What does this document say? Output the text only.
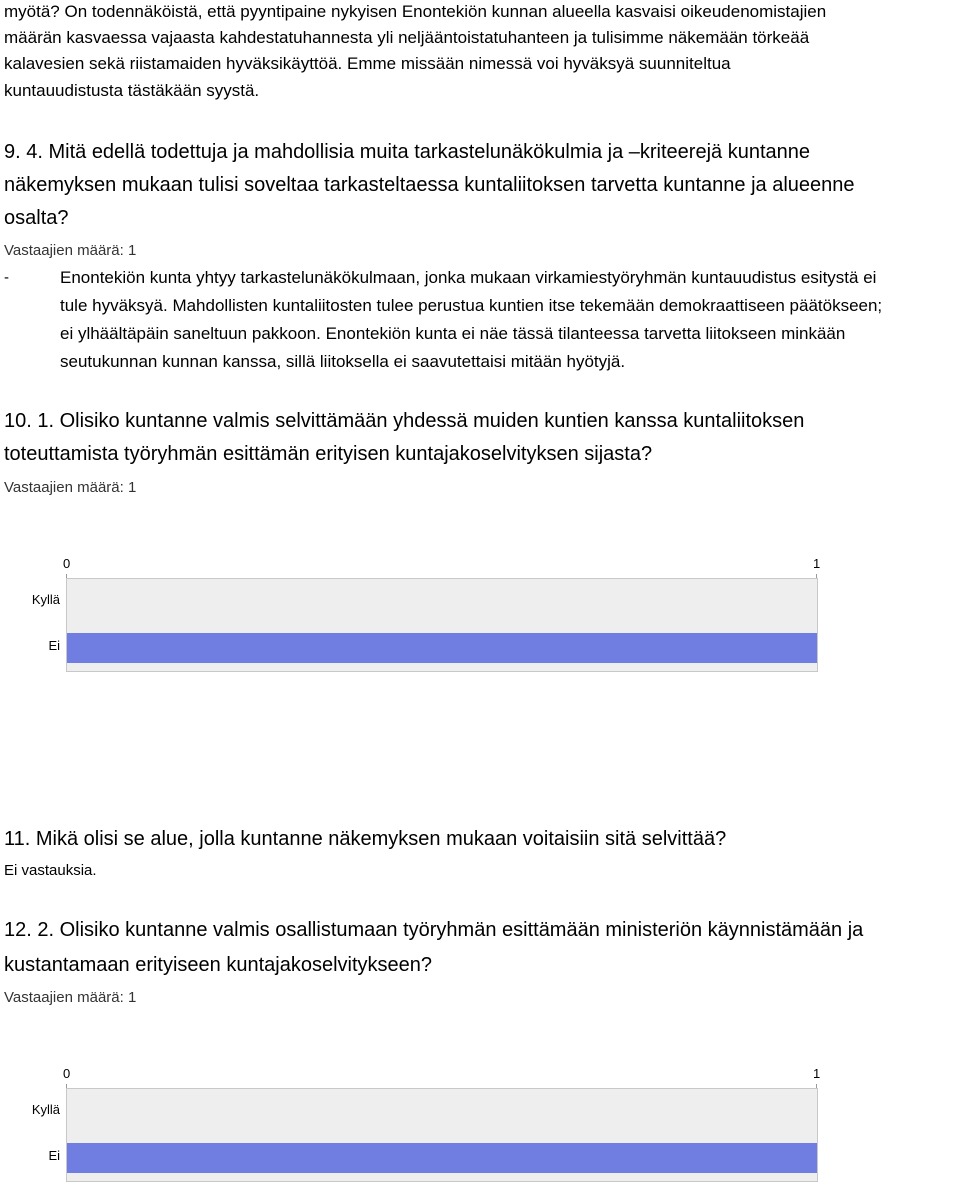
myötä? On todennäköistä, että pyyntipaine nykyisen Enontekiön kunnan alueella kasvaisi oikeudenomistajien
määrän kasvaessa vajaasta kahdestatuhannesta yli neljääntoistatuhanteen ja tulisimme näkemään törkeää
kalavesien sekä riistamaiden hyväksikäyttöä. Emme missään nimessä voi hyväksyä suunniteltua
kuntauudistusta tästäkään syystä.
9. 4. Mitä edellä todettuja ja mahdollisia muita tarkastelunäkökulmia ja –kriteerejä kuntanne
näkemyksen mukaan tulisi soveltaa tarkasteltaessa kuntaliitoksen tarvetta kuntanne ja alueenne
osalta?
Vastaajien määrä: 1
-	Enontekiön kunta yhtyy tarkastelunäkökulmaan, jonka mukaan virkamiestyöryhmän kuntauudistus esitystä ei
tule hyväksyä. Mahdollisten kuntaliitosten tulee perustua kuntien itse tekemään demokraattiseen päätökseen;
ei ylhäältäpäin saneltuun pakkoon. Enontekiön kunta ei näe tässä tilanteessa tarvetta liitokseen minkään
seutukunnan kunnan kanssa, sillä liitoksella ei saavutettaisi mitään hyötyjä.
10. 1. Olisiko kuntanne valmis selvittämään yhdessä muiden kuntien kanssa kuntaliitoksen
toteuttamista työryhmän esittämän erityisen kuntajakoselvityksen sijasta?
Vastaajien määrä: 1
0	1
Kyllä
Ei
11. Mikä olisi se alue, jolla kuntanne näkemyksen mukaan voitaisiin sitä selvittää?
Ei vastauksia.
12. 2. Olisiko kuntanne valmis osallistumaan työryhmän esittämään ministeriön käynnistämään ja
kustantamaan erityiseen kuntajakoselvitykseen?
Vastaajien määrä: 1
0	1
Kyllä
Ei
